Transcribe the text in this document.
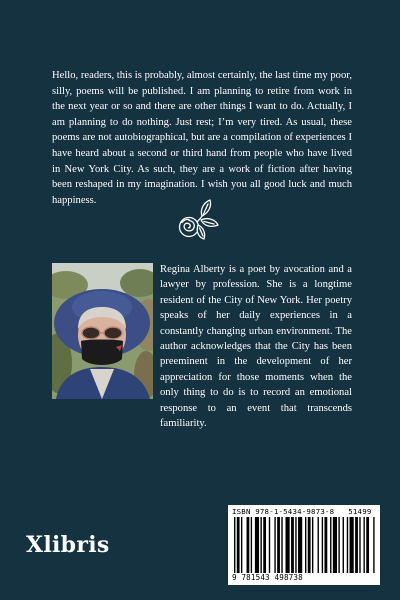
Hello, readers, this is probably, almost certainly, the last time my poor, silly, poems will be published. I am planning to retire from work in the next year or so and there are other things I want to do. Actually, I am planning to do nothing. Just rest; I’m very tired. As usual, these poems are not autobiographical, but are a compilation of experiences I have heard about a second or third hand from people who have lived in New York City. As such, they are a work of fiction after having been reshaped in my imagination. I wish you all good luck and much happiness.

Regina Alberty is a poet by avocation and a lawyer by profession. She is a longtime resident of the City of New York. Her poetry speaks of her daily experiences in a constantly changing urban environment. The author acknowledges that the City has been preeminent in the development of her appreciation for those moments when the only thing to do is to record an emotional response to an event that transcends familiarity.

Xlibris
ISBN 978-1-5434-9873-8 51499
9 781543 498738
